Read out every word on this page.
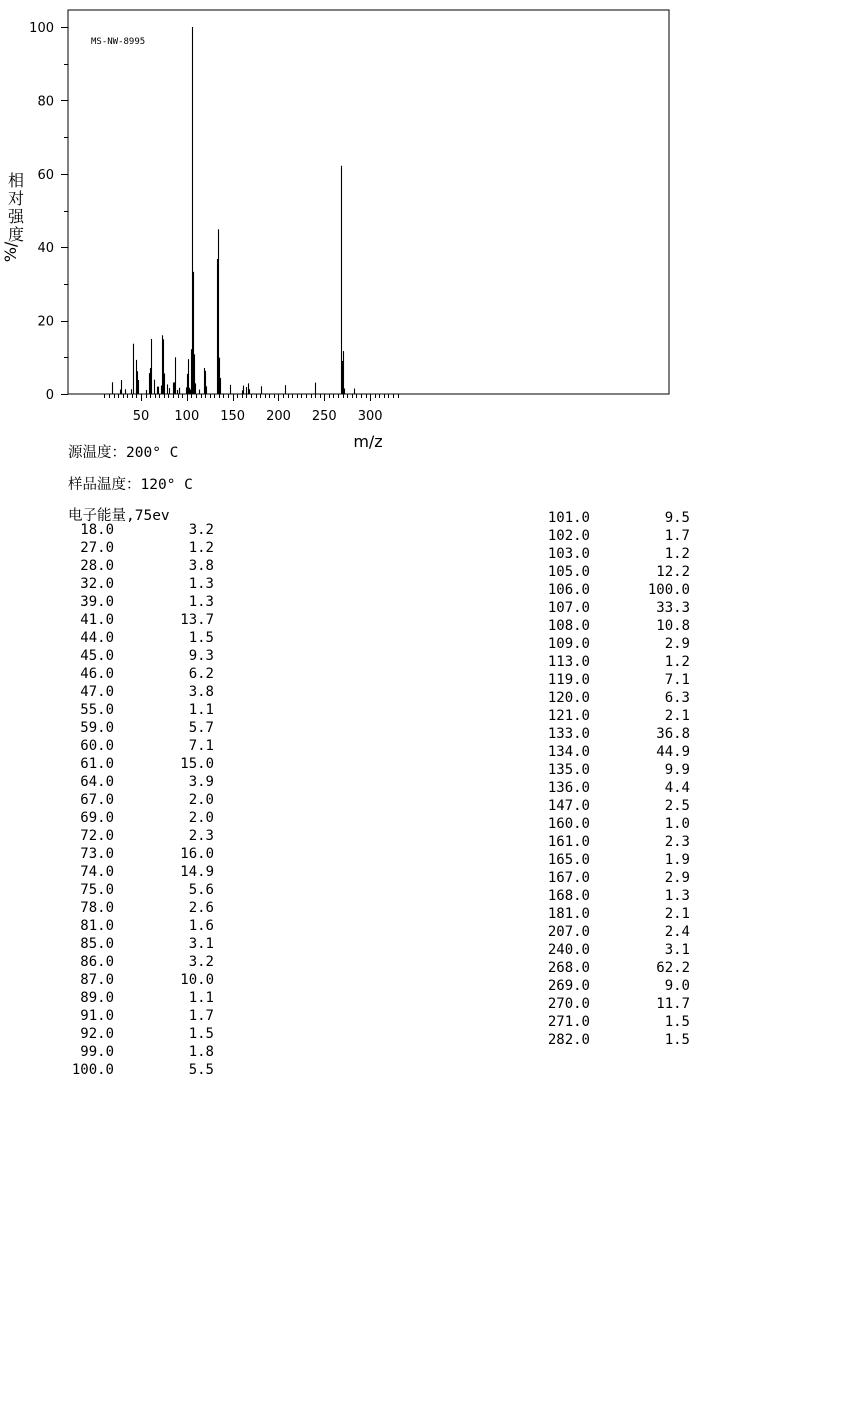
50 100 150 200 250 300
0
20
40
60
80
100
MS-NW-8995
m/z
相
对
强
度
%/
源温度：200° C
样品温度：120° C
电子能量,75ev
18.0	3.2
27.0	1.2
28.0	3.8
32.0	1.3
39.0	1.3
41.0	13.7
44.0	1.5
45.0	9.3
46.0	6.2
47.0	3.8
55.0	1.1
59.0	5.7
60.0	7.1
61.0	15.0
64.0	3.9
67.0	2.0
69.0	2.0
72.0	2.3
73.0	16.0
74.0	14.9
75.0	5.6
78.0	2.6
81.0	1.6
85.0	3.1
86.0	3.2
87.0	10.0
89.0	1.1
91.0	1.7
92.0	1.5
99.0	1.8
100.0	5.5
101.0	9.5
102.0	1.7
103.0	1.2
105.0	12.2
106.0	100.0
107.0	33.3
108.0	10.8
109.0	2.9
113.0	1.2
119.0	7.1
120.0	6.3
121.0	2.1
133.0	36.8
134.0	44.9
135.0	9.9
136.0	4.4
147.0	2.5
160.0	1.0
161.0	2.3
165.0	1.9
167.0	2.9
168.0	1.3
181.0	2.1
207.0	2.4
240.0	3.1
268.0	62.2
269.0	9.0
270.0	11.7
271.0	1.5
282.0	1.5
